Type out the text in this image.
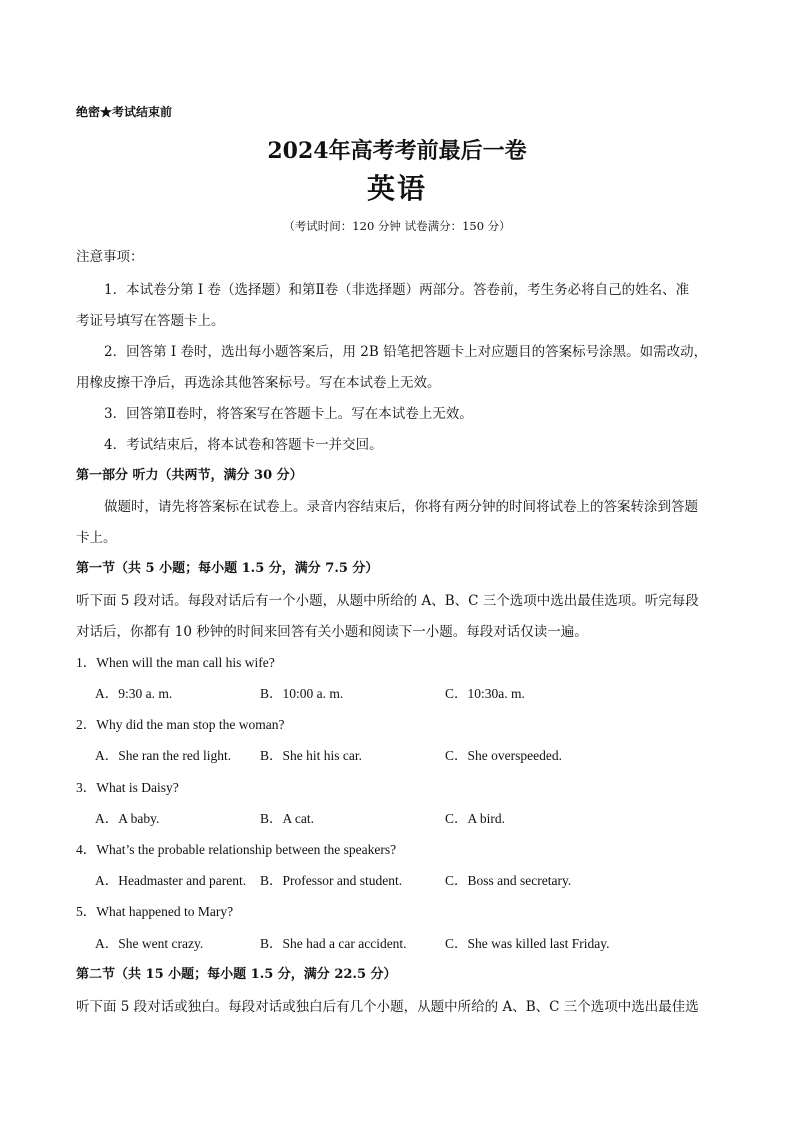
绝密★考试结束前
2024年高考考前最后一卷
英语
（考试时间：120 分钟 试卷满分：150 分）
注意事项：
1．本试卷分第 I 卷（选择题）和第Ⅱ卷（非选择题）两部分。答卷前，考生务必将自己的姓名、准
考证号填写在答题卡上。
2．回答第 I 卷时，选出每小题答案后，用 2B 铅笔把答题卡上对应题目的答案标号涂黑。如需改动，
用橡皮擦干净后，再选涂其他答案标号。写在本试卷上无效。
3．回答第Ⅱ卷时，将答案写在答题卡上。写在本试卷上无效。
4．考试结束后，将本试卷和答题卡一并交回。
第一部分 听力（共两节，满分 30 分）
做题时，请先将答案标在试卷上。录音内容结束后，你将有两分钟的时间将试卷上的答案转涂到答题
卡上。
第一节（共 5 小题；每小题 1.5 分，满分 7.5 分）
听下面 5 段对话。每段对话后有一个小题，从题中所给的 A、B、C 三个选项中选出最佳选项。听完每段
对话后，你都有 10 秒钟的时间来回答有关小题和阅读下一小题。每段对话仅读一遍。
1．When will the man call his wife?
A．9:30 a. m.	B．10:00 a. m.	C．10:30a. m.
2．Why did the man stop the woman?
A．She ran the red light. B．She hit his car.	C．She overspeeded.
3．What is Daisy?
A．A baby.	B．A cat.	C．A bird.
4．What’s the probable relationship between the speakers?
A．Headmaster and parent. B．Professor and student.	C．Boss and secretary.
5．What happened to Mary?
A．She went crazy.	B．She had a car accident.	C．She was killed last Friday.
第二节（共 15 小题；每小题 1.5 分，满分 22.5 分）
听下面 5 段对话或独白。每段对话或独白后有几个小题，从题中所给的 A、B、C 三个选项中选出最佳选
